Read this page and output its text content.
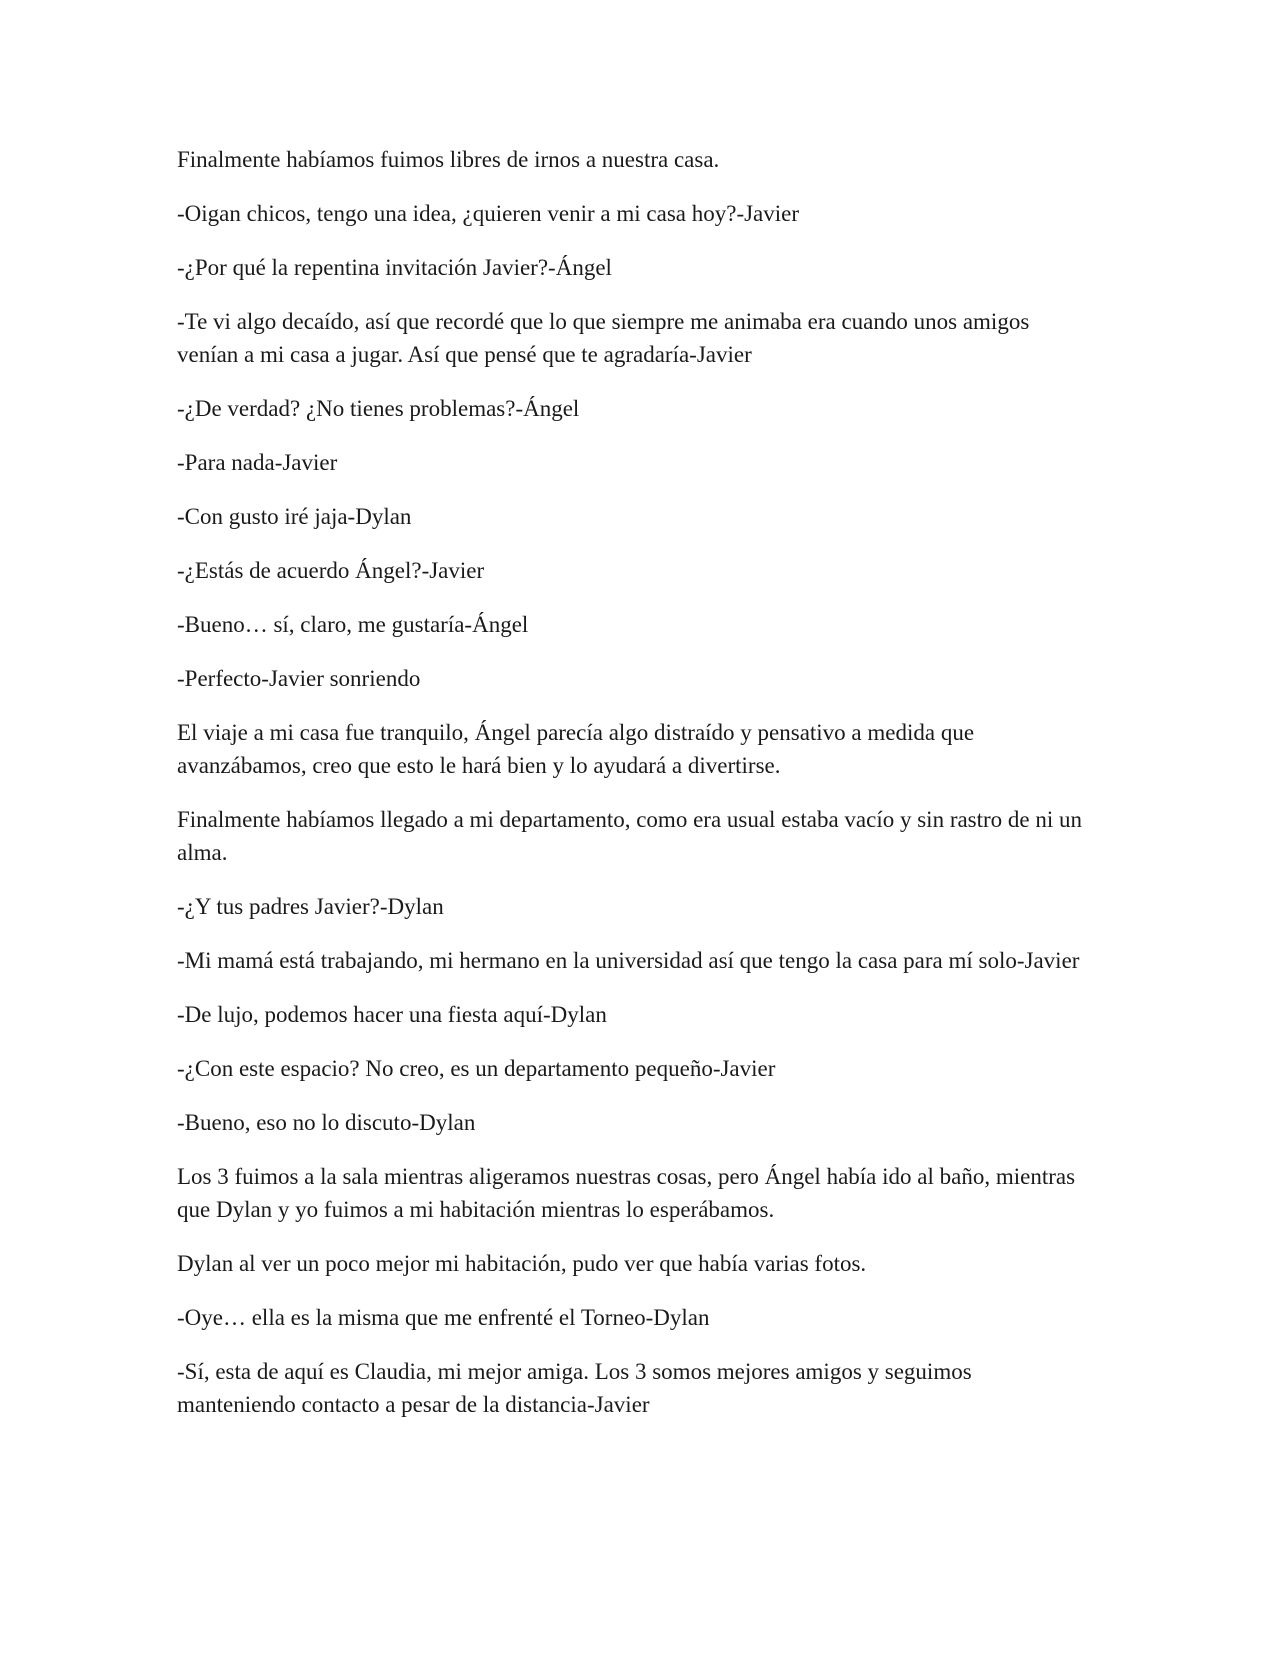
Finalmente habíamos fuimos libres de irnos a nuestra casa.

-Oigan chicos, tengo una idea, ¿quieren venir a mi casa hoy?-Javier

-¿Por qué la repentina invitación Javier?-Ángel

-Te vi algo decaído, así que recordé que lo que siempre me animaba era cuando unos amigos venían a mi casa a jugar. Así que pensé que te agradaría-Javier

-¿De verdad? ¿No tienes problemas?-Ángel

-Para nada-Javier

-Con gusto iré jaja-Dylan

-¿Estás de acuerdo Ángel?-Javier

-Bueno… sí, claro, me gustaría-Ángel

-Perfecto-Javier sonriendo

El viaje a mi casa fue tranquilo, Ángel parecía algo distraído y pensativo a medida que avanzábamos, creo que esto le hará bien y lo ayudará a divertirse.

Finalmente habíamos llegado a mi departamento, como era usual estaba vacío y sin rastro de ni un alma.

-¿Y tus padres Javier?-Dylan

-Mi mamá está trabajando, mi hermano en la universidad así que tengo la casa para mí solo-Javier

-De lujo, podemos hacer una fiesta aquí-Dylan

-¿Con este espacio? No creo, es un departamento pequeño-Javier

-Bueno, eso no lo discuto-Dylan

Los 3 fuimos a la sala mientras aligeramos nuestras cosas, pero Ángel había ido al baño, mientras que Dylan y yo fuimos a mi habitación mientras lo esperábamos.

Dylan al ver un poco mejor mi habitación, pudo ver que había varias fotos.

-Oye… ella es la misma que me enfrenté el Torneo-Dylan

-Sí, esta de aquí es Claudia, mi mejor amiga. Los 3 somos mejores amigos y seguimos manteniendo contacto a pesar de la distancia-Javier
